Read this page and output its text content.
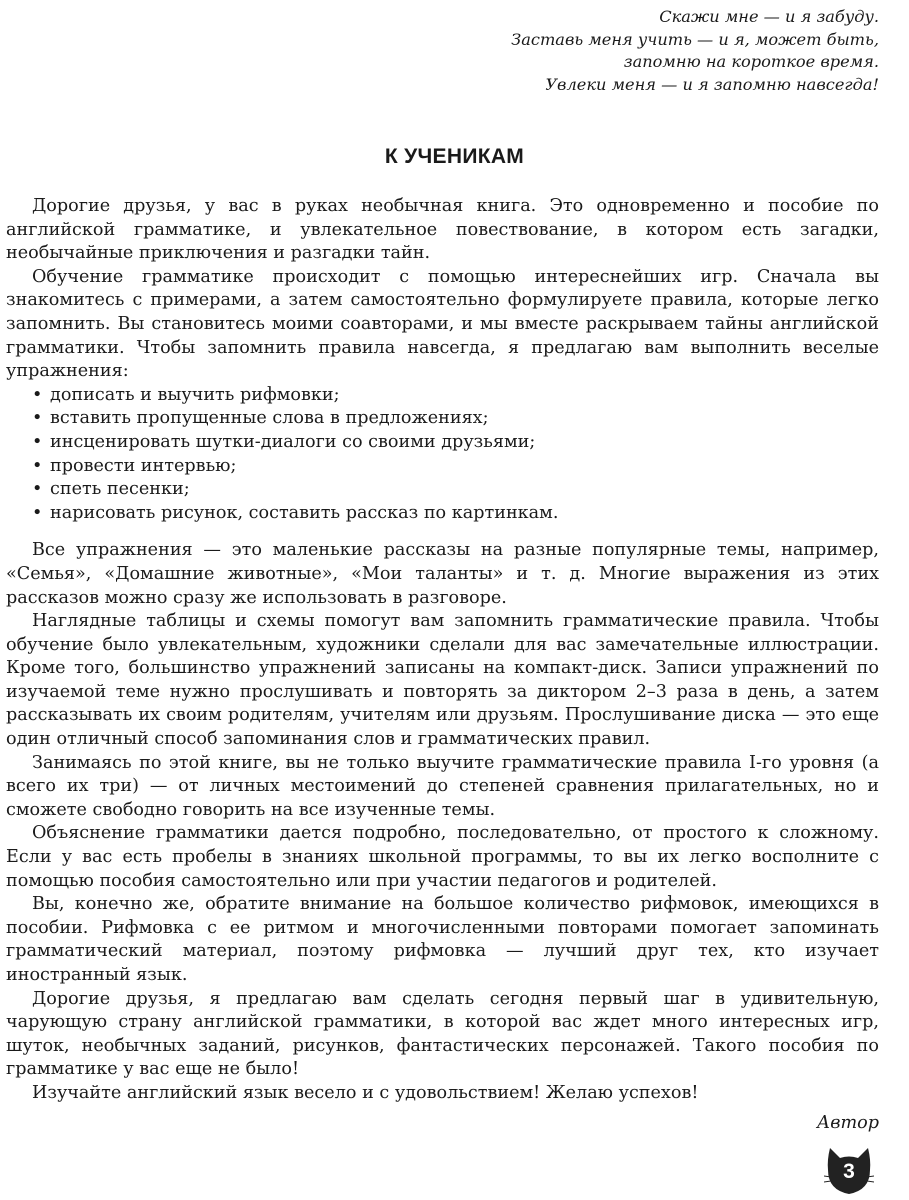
Скажи мне — и я забуду.
Заставь меня учить — и я, может быть,
запомню на короткое время.
Увлеки меня — и я запомню навсегда!
К УЧЕНИКАМ

Дорогие друзья, у вас в руках необычная книга. Это одновременно и пособие по английской грамматике, и увлекательное повествование, в котором есть загадки, необычайные приключения и разгадки тайн.

Обучение грамматике происходит с помощью интереснейших игр. Сначала вы знакомитесь с примерами, а затем самостоятельно формулируете правила, которые легко запомнить. Вы становитесь моими соавторами, и мы вместе раскрываем тайны английской грамматики. Чтобы запомнить правила навсегда, я предлагаю вам выполнить веселые упражнения:

• дописать и выучить рифмовки;
• вставить пропущенные слова в предложениях;
• инсценировать шутки-диалоги со своими друзьями;
• провести интервью;
• спеть песенки;
• нарисовать рисунок, составить рассказ по картинкам.

Все упражнения — это маленькие рассказы на разные популярные темы, например, «Семья», «Домашние животные», «Мои таланты» и т. д. Многие выражения из этих рассказов можно сразу же использовать в разговоре.

Наглядные таблицы и схемы помогут вам запомнить грамматические правила. Чтобы обучение было увлекательным, художники сделали для вас замечательные иллюстрации. Кроме того, большинство упражнений записаны на компакт-диск. Записи упражнений по изучаемой теме нужно прослушивать и повторять за диктором 2–3 раза в день, а затем рассказывать их своим родителям, учителям или друзьям. Прослушивание диска — это еще один отличный способ запоминания слов и грамматических правил.

Занимаясь по этой книге, вы не только выучите грамматические правила I-го уровня (а всего их три) — от личных местоимений до степеней сравнения прилагательных, но и сможете свободно говорить на все изученные темы.

Объяснение грамматики дается подробно, последовательно, от простого к сложному. Если у вас есть пробелы в знаниях школьной программы, то вы их легко восполните с помощью пособия самостоятельно или при участии педагогов и родителей.

Вы, конечно же, обратите внимание на большое количество рифмовок, имеющихся в пособии. Рифмовка с ее ритмом и многочисленными повторами помогает запоминать грамматический материал, поэтому рифмовка — лучший друг тех, кто изучает иностранный язык.

Дорогие друзья, я предлагаю вам сделать сегодня первый шаг в удивительную, чарующую страну английской грамматики, в которой вас ждет много интересных игр, шуток, необычных заданий, рисунков, фантастических персонажей. Такого пособия по грамматике у вас еще не было!

Изучайте английский язык весело и с удовольствием! Желаю успехов!

Автор
3
